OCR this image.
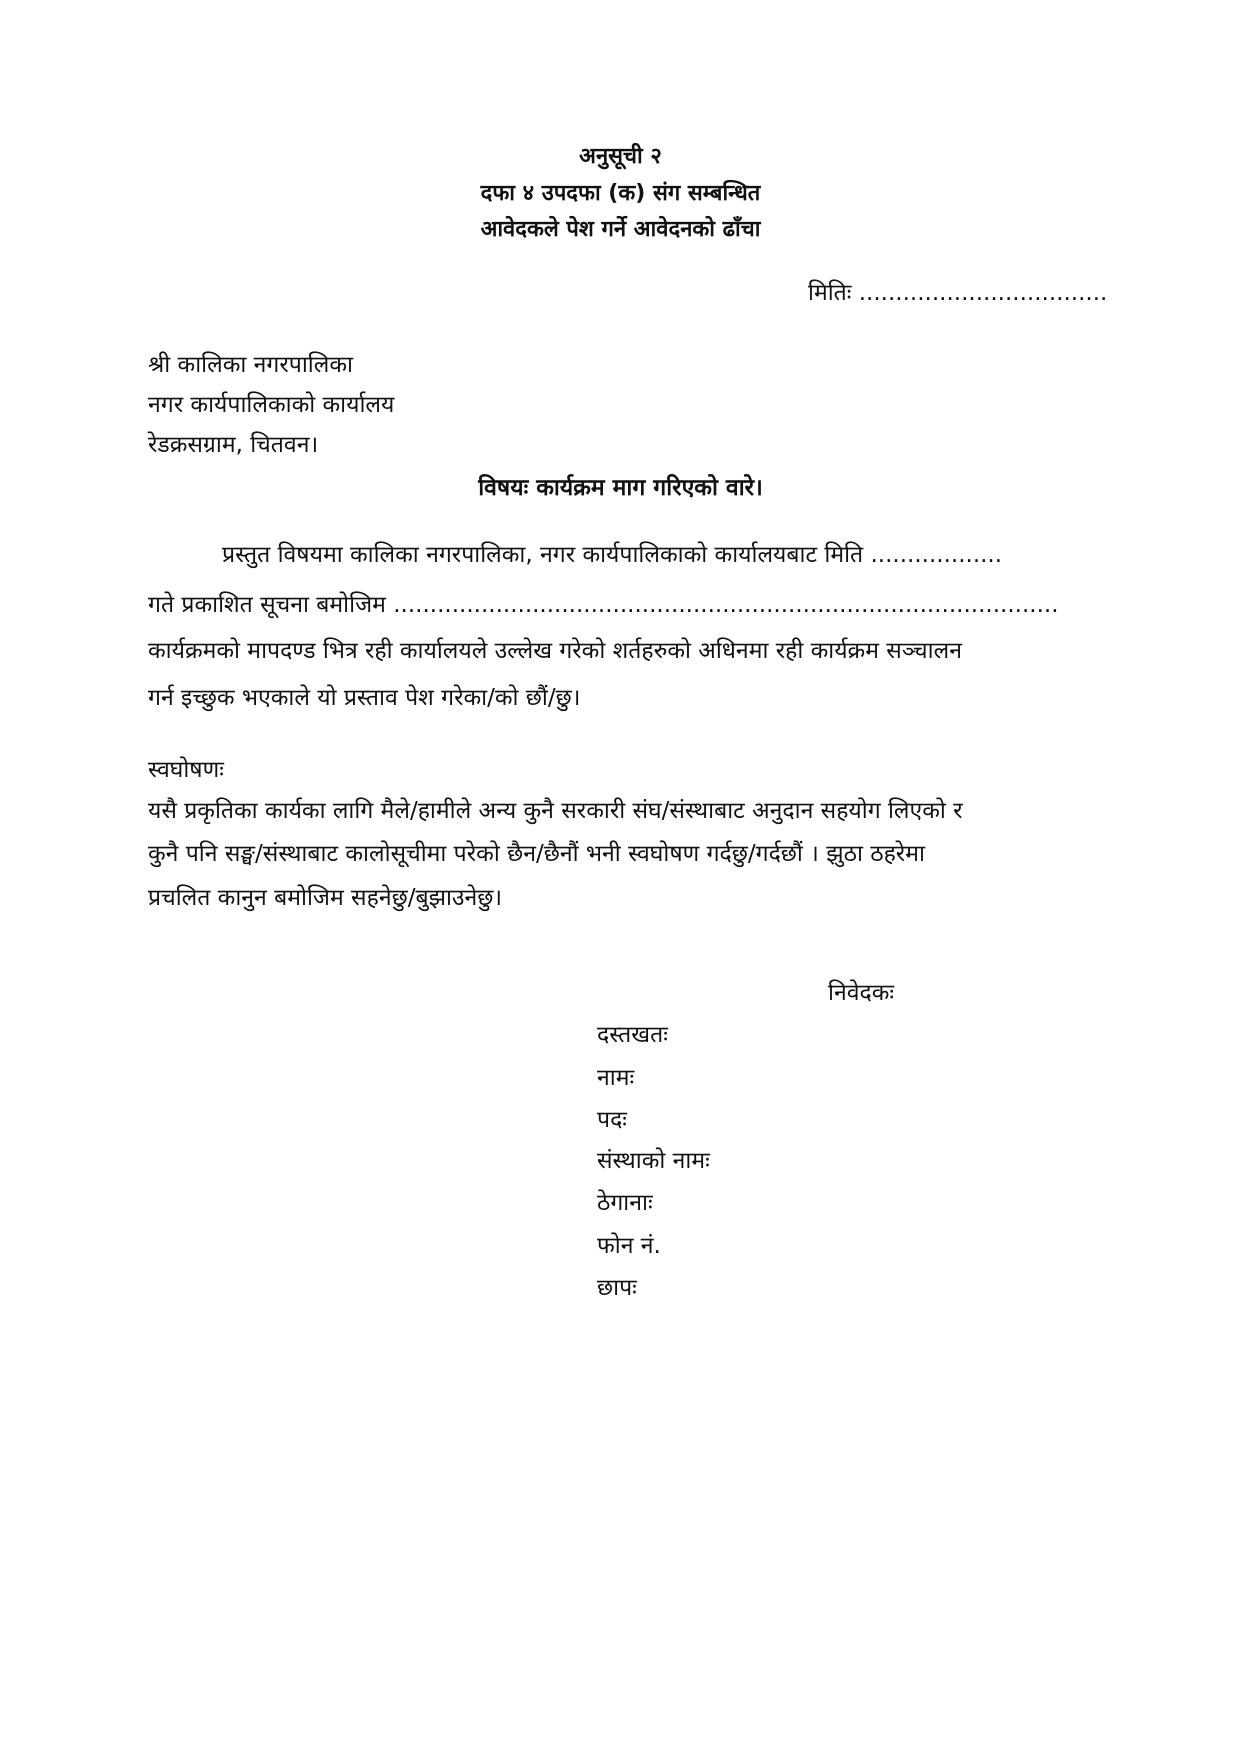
अनुसूची २
दफा ४ उपदफा (क) संग सम्बन्धित
आवेदकले पेश गर्ने आवेदनको ढाँचा
मितिः ..................................
श्री कालिका नगरपालिका
नगर कार्यपालिकाको कार्यालय
रेडक्रसग्राम, चितवन।
विषयः कार्यक्रम माग गरिएको वारे।
प्रस्तुत विषयमा कालिका नगरपालिका, नगर कार्यपालिकाको कार्यालयबाट मिति ..................
गते प्रकाशित सूचना बमोजिम ...........................................................................................
कार्यक्रमको मापदण्ड भित्र रही कार्यालयले उल्लेख गरेको शर्तहरुको अधिनमा रही कार्यक्रम सञ्चालन
गर्न इच्छुक भएकाले यो प्रस्ताव पेश गरेका/को छौं/छु।
स्वघोषणः
यसै प्रकृतिका कार्यका लागि मैले/हामीले अन्य कुनै सरकारी संघ/संस्थाबाट अनुदान सहयोग लिएको र
कुनै पनि सङ्घ/संस्थाबाट कालोसूचीमा परेको छैन/छैनौं भनी स्वघोषण गर्दछु/गर्दछौं । झुठा ठहरेमा
प्रचलित कानुन बमोजिम सहनेछु/बुझाउनेछु।
निवेदकः
दस्तखतः
नामः
पदः
संस्थाको नामः
ठेगानाः
फोन नं.
छापः
